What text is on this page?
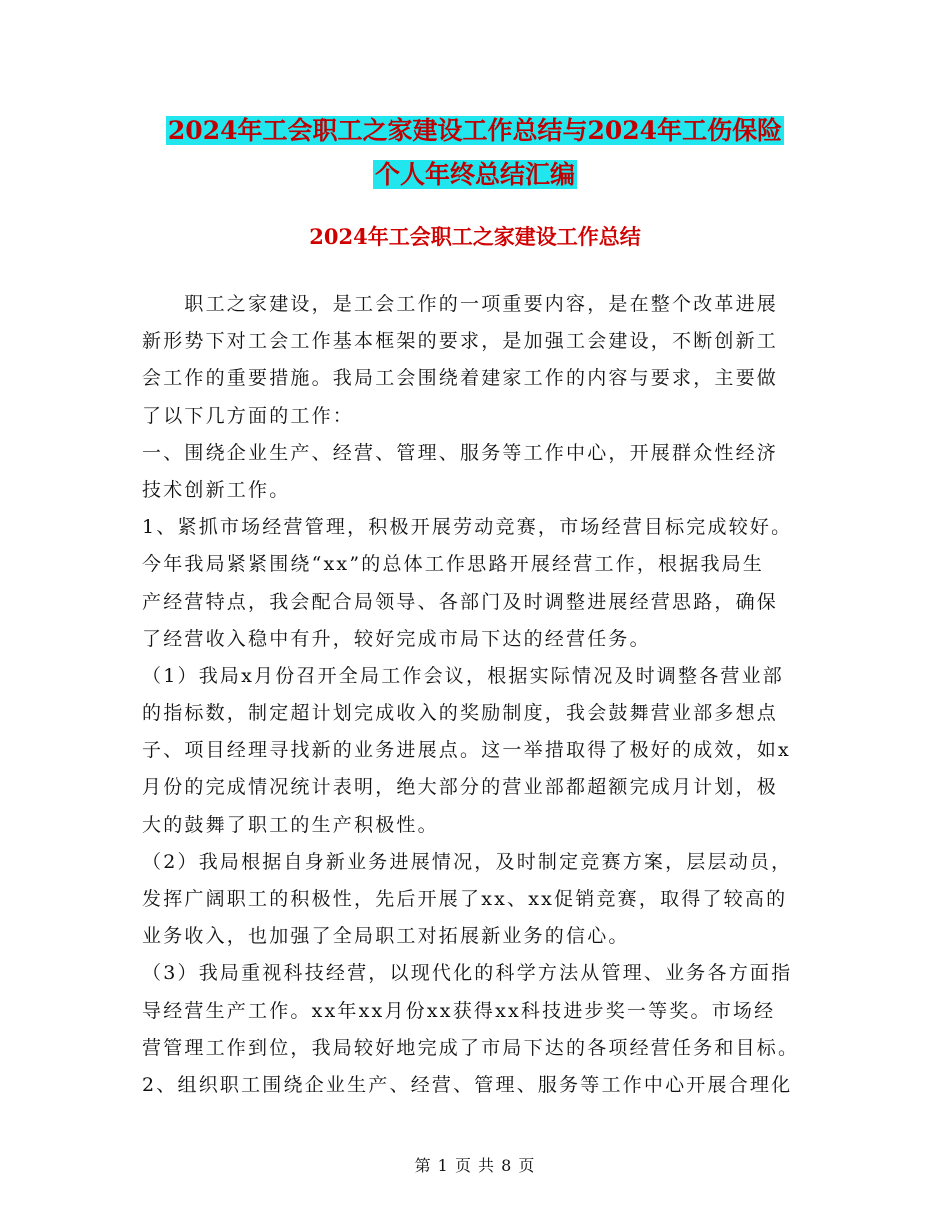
2024年工会职工之家建设工作总结与2024年工伤保险
个人年终总结汇编
2024年工会职工之家建设工作总结
　　职工之家建设，是工会工作的一项重要内容，是在整个改革进展
新形势下对工会工作基本框架的要求，是加强工会建设，不断创新工
会工作的重要措施。我局工会围绕着建家工作的内容与要求，主要做
了以下几方面的工作：
一、围绕企业生产、经营、管理、服务等工作中心，开展群众性经济
技术创新工作。
1、紧抓市场经营管理，积极开展劳动竞赛，市场经营目标完成较好。
今年我局紧紧围绕“xx”的总体工作思路开展经营工作，根据我局生
产经营特点，我会配合局领导、各部门及时调整进展经营思路，确保
了经营收入稳中有升，较好完成市局下达的经营任务。
（1）我局x月份召开全局工作会议，根据实际情况及时调整各营业部
的指标数，制定超计划完成收入的奖励制度，我会鼓舞营业部多想点
子、项目经理寻找新的业务进展点。这一举措取得了极好的成效，如x
月份的完成情况统计表明，绝大部分的营业部都超额完成月计划，极
大的鼓舞了职工的生产积极性。
（2）我局根据自身新业务进展情况，及时制定竞赛方案，层层动员，
发挥广阔职工的积极性，先后开展了xx、xx促销竞赛，取得了较高的
业务收入，也加强了全局职工对拓展新业务的信心。
（3）我局重视科技经营，以现代化的科学方法从管理、业务各方面指
导经营生产工作。xx年xx月份xx获得xx科技进步奖一等奖。市场经
营管理工作到位，我局较好地完成了市局下达的各项经营任务和目标。
2、组织职工围绕企业生产、经营、管理、服务等工作中心开展合理化
第 1 页 共 8 页
